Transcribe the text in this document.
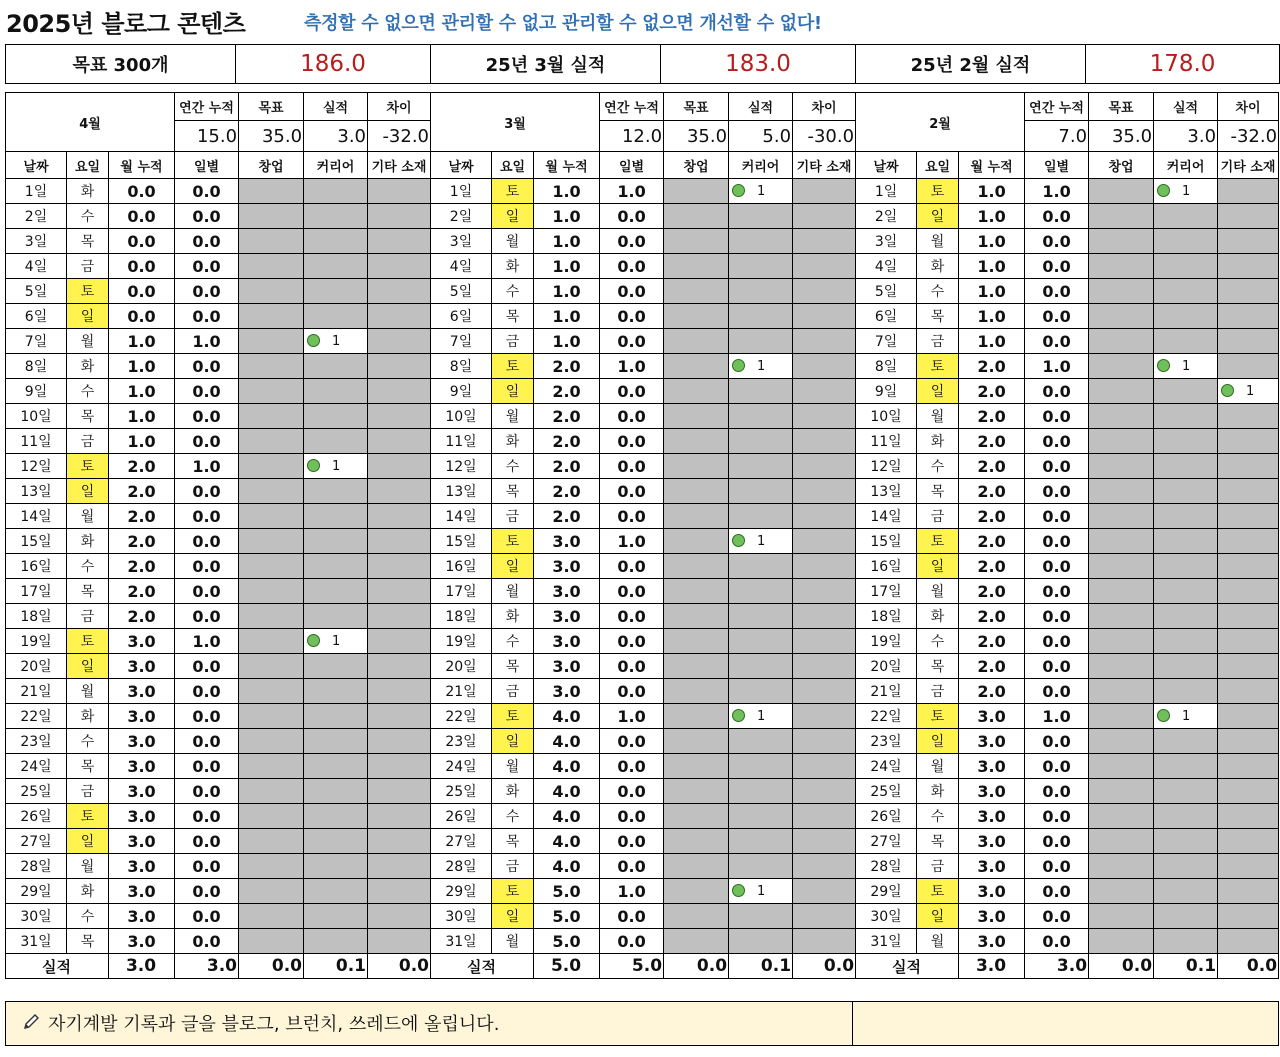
2025년 블로그 콘텐츠	측정할 수 없으면 관리할 수 없고 관리할 수 없으면 개선할 수 없다!
목표 300개	186.0	25년 3월 실적	183.0	25년 2월 실적	178.0
4월			연간 누적	목표	실적	차이	3월			연간 누적	목표	실적	차이	2월			연간 누적	목표	실적	차이
			15.0	35.0	3.0	-32.0				12.0	35.0	5.0	-30.0				7.0	35.0	3.0	-32.0
날짜	요일	월 누적	일별	창업	커리어	기타 소재	날짜	요일	월 누적	일별	창업	커리어	기타 소재	날짜	요일	월 누적	일별	창업	커리어	기타 소재
1일	화	0.0	0.0				1일	토	1.0	1.0		1		1일	토	1.0	1.0		1	
2일	수	0.0	0.0				2일	일	1.0	0.0				2일	일	1.0	0.0			
3일	목	0.0	0.0				3일	월	1.0	0.0				3일	월	1.0	0.0			
4일	금	0.0	0.0				4일	화	1.0	0.0				4일	화	1.0	0.0			
5일	토	0.0	0.0				5일	수	1.0	0.0				5일	수	1.0	0.0			
6일	일	0.0	0.0				6일	목	1.0	0.0				6일	목	1.0	0.0			
7일	월	1.0	1.0		1		7일	금	1.0	0.0				7일	금	1.0	0.0			
8일	화	1.0	0.0				8일	토	2.0	1.0		1		8일	토	2.0	1.0		1	
9일	수	1.0	0.0				9일	일	2.0	0.0				9일	일	2.0	0.0			1
10일	목	1.0	0.0				10일	월	2.0	0.0				10일	월	2.0	0.0			
11일	금	1.0	0.0				11일	화	2.0	0.0				11일	화	2.0	0.0			
12일	토	2.0	1.0		1		12일	수	2.0	0.0				12일	수	2.0	0.0			
13일	일	2.0	0.0				13일	목	2.0	0.0				13일	목	2.0	0.0			
14일	월	2.0	0.0				14일	금	2.0	0.0				14일	금	2.0	0.0			
15일	화	2.0	0.0				15일	토	3.0	1.0		1		15일	토	2.0	0.0			
16일	수	2.0	0.0				16일	일	3.0	0.0				16일	일	2.0	0.0			
17일	목	2.0	0.0				17일	월	3.0	0.0				17일	월	2.0	0.0			
18일	금	2.0	0.0				18일	화	3.0	0.0				18일	화	2.0	0.0			
19일	토	3.0	1.0		1		19일	수	3.0	0.0				19일	수	2.0	0.0			
20일	일	3.0	0.0				20일	목	3.0	0.0				20일	목	2.0	0.0			
21일	월	3.0	0.0				21일	금	3.0	0.0				21일	금	2.0	0.0			
22일	화	3.0	0.0				22일	토	4.0	1.0		1		22일	토	3.0	1.0		1	
23일	수	3.0	0.0				23일	일	4.0	0.0				23일	일	3.0	0.0			
24일	목	3.0	0.0				24일	월	4.0	0.0				24일	월	3.0	0.0			
25일	금	3.0	0.0				25일	화	4.0	0.0				25일	화	3.0	0.0			
26일	토	3.0	0.0				26일	수	4.0	0.0				26일	수	3.0	0.0			
27일	일	3.0	0.0				27일	목	4.0	0.0				27일	목	3.0	0.0			
28일	월	3.0	0.0				28일	금	4.0	0.0				28일	금	3.0	0.0			
29일	화	3.0	0.0				29일	토	5.0	1.0		1		29일	토	3.0	0.0			
30일	수	3.0	0.0				30일	일	5.0	0.0				30일	일	3.0	0.0			
31일	목	3.0	0.0				31일	월	5.0	0.0				31일	월	3.0	0.0			
실적		3.0	3.0	0.0	0.1	0.0	실적		5.0	5.0	0.0	0.1	0.0	실적		3.0	3.0	0.0	0.1	0.0
자기계발 기록과 글을 블로그, 브런치, 쓰레드에 올립니다.
